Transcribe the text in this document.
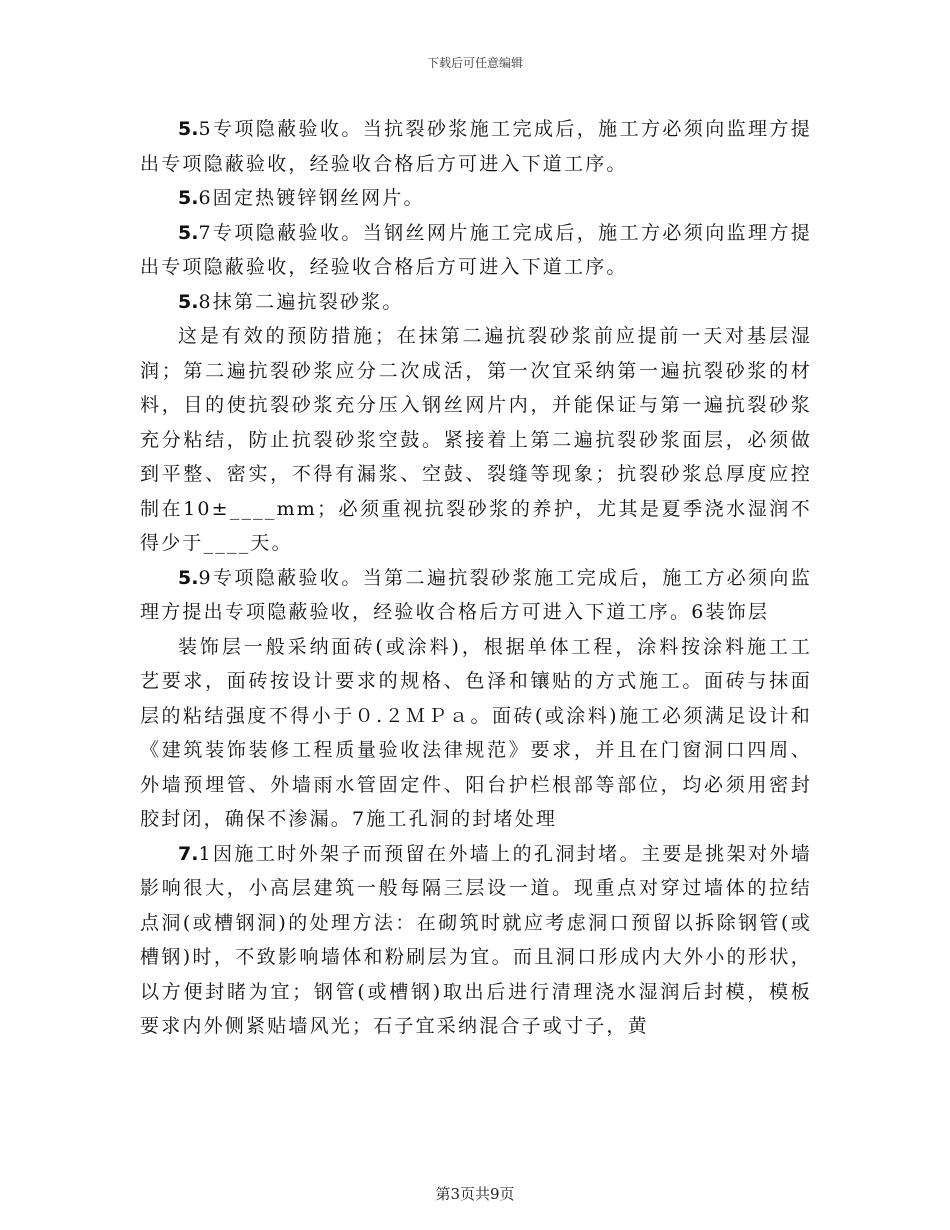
下载后可任意编辑

5.5专项隐蔽验收。当抗裂砂浆施工完成后，施工方必须向监理方提出专项隐蔽验收，经验收合格后方可进入下道工序。

5.6固定热镀锌钢丝网片。

5.7专项隐蔽验收。当钢丝网片施工完成后，施工方必须向监理方提出专项隐蔽验收，经验收合格后方可进入下道工序。

5.8抹第二遍抗裂砂浆。

这是有效的预防措施；在抹第二遍抗裂砂浆前应提前一天对基层湿润；第二遍抗裂砂浆应分二次成活，第一次宜采纳第一遍抗裂砂浆的材料，目的使抗裂砂浆充分压入钢丝网片内，并能保证与第一遍抗裂砂浆充分粘结，防止抗裂砂浆空鼓。紧接着上第二遍抗裂砂浆面层，必须做到平整、密实，不得有漏浆、空鼓、裂缝等现象；抗裂砂浆总厚度应控制在10±____mm；必须重视抗裂砂浆的养护，尤其是夏季浇水湿润不得少于____天。

5.9专项隐蔽验收。当第二遍抗裂砂浆施工完成后，施工方必须向监理方提出专项隐蔽验收，经验收合格后方可进入下道工序。6装饰层

装饰层一般采纳面砖(或涂料)，根据单体工程，涂料按涂料施工工艺要求，面砖按设计要求的规格、色泽和镶贴的方式施工。面砖与抹面层的粘结强度不得小于０.２ＭＰａ。面砖(或涂料)施工必须满足设计和《建筑装饰装修工程质量验收法律规范》要求，并且在门窗洞口四周、外墙预埋管、外墙雨水管固定件、阳台护栏根部等部位，均必须用密封胶封闭，确保不渗漏。7施工孔洞的封堵处理

7.1因施工时外架子而预留在外墙上的孔洞封堵。主要是挑架对外墙影响很大，小高层建筑一般每隔三层设一道。现重点对穿过墙体的拉结点洞(或槽钢洞)的处理方法：在砌筑时就应考虑洞口预留以拆除钢管(或槽钢)时，不致影响墙体和粉刷层为宜。而且洞口形成内大外小的形状，以方便封睹为宜；钢管(或槽钢)取出后进行清理浇水湿润后封模，模板要求内外侧紧贴墙风光；石子宜采纳混合子或寸子，黄

第3页共9页
